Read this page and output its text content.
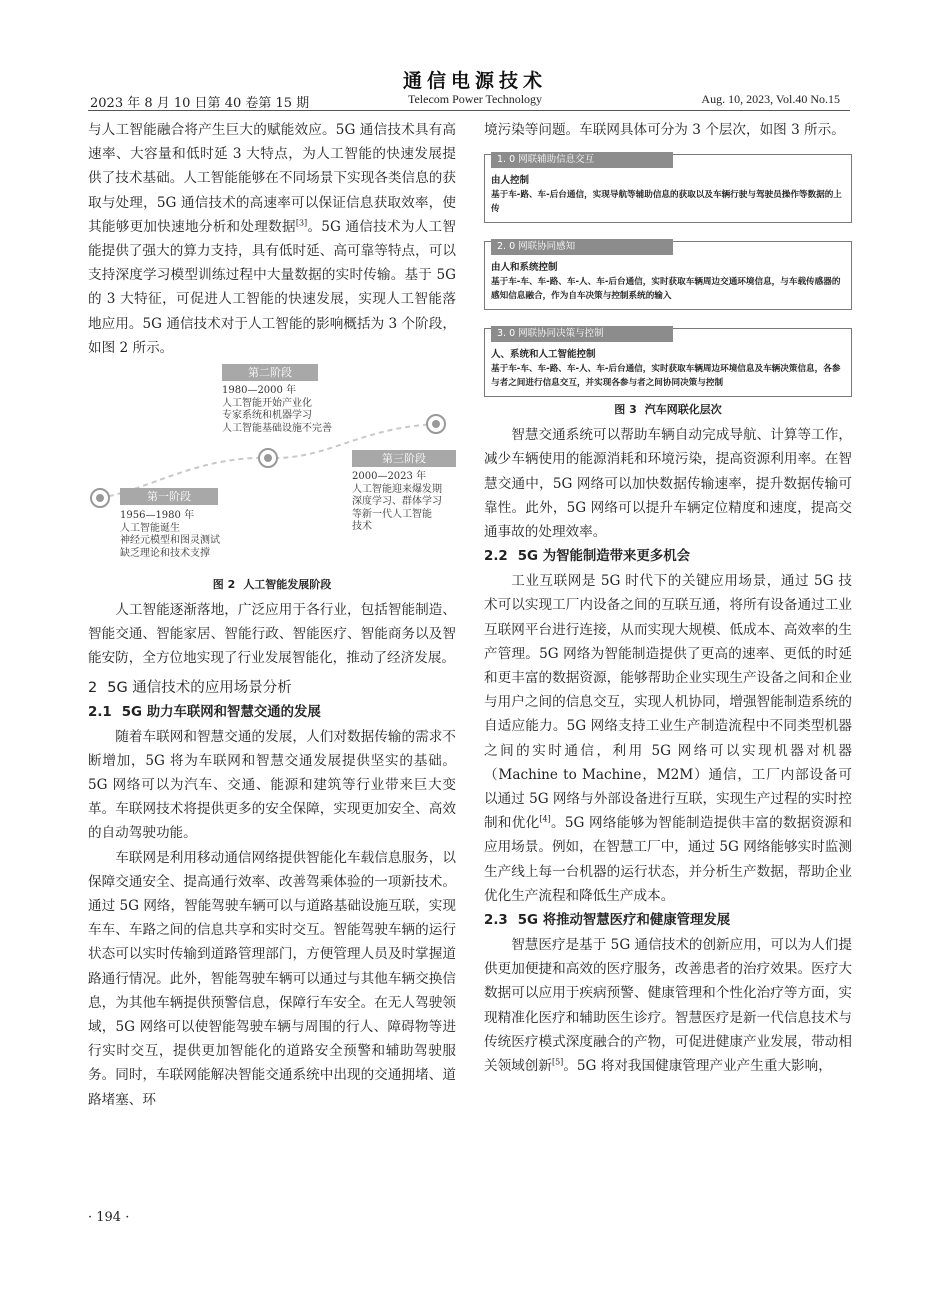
通信电源技术
2023 年 8 月 10 日第 40 卷第 15 期	Telecom Power Technology	Aug. 10, 2023, Vol.40 No.15

与人工智能融合将产生巨大的赋能效应。5G 通信技术具有高速率、大容量和低时延 3 大特点，为人工智能的快速发展提供了技术基础。人工智能能够在不同场景下实现各类信息的获取与处理，5G 通信技术的高速率可以保证信息获取效率，使其能够更加快速地分析和处理数据[3]。5G 通信技术为人工智能提供了强大的算力支持，具有低时延、高可靠等特点，可以支持深度学习模型训练过程中大量数据的实时传输。基于 5G 的 3 大特征，可促进人工智能的快速发展，实现人工智能落地应用。5G 通信技术对于人工智能的影响概括为 3 个阶段，如图 2 所示。

第二阶段
1980—2000 年
人工智能开始产业化
专家系统和机器学习
人工智能基础设施不完善
第三阶段
2000—2023 年
人工智能迎来爆发期
深度学习、群体学习
等新一代人工智能
技术
第一阶段
1956—1980 年
人工智能诞生
神经元模型和图灵测试
缺乏理论和技术支撑
图 2 人工智能发展阶段

人工智能逐渐落地，广泛应用于各行业，包括智能制造、智能交通、智能家居、智能行政、智能医疗、智能商务以及智能安防，全方位地实现了行业发展智能化，推动了经济发展。

2 5G 通信技术的应用场景分析
2.1 5G 助力车联网和智慧交通的发展

随着车联网和智慧交通的发展，人们对数据传输的需求不断增加，5G 将为车联网和智慧交通发展提供坚实的基础。5G 网络可以为汽车、交通、能源和建筑等行业带来巨大变革。车联网技术将提供更多的安全保障，实现更加安全、高效的自动驾驶功能。

车联网是利用移动通信网络提供智能化车载信息服务，以保障交通安全、提高通行效率、改善驾乘体验的一项新技术。通过 5G 网络，智能驾驶车辆可以与道路基础设施互联，实现车车、车路之间的信息共享和实时交互。智能驾驶车辆的运行状态可以实时传输到道路管理部门，方便管理人员及时掌握道路通行情况。此外，智能驾驶车辆可以通过与其他车辆交换信息，为其他车辆提供预警信息，保障行车安全。在无人驾驶领域，5G 网络可以使智能驾驶车辆与周围的行人、障碍物等进行实时交互，提供更加智能化的道路安全预警和辅助驾驶服务。同时，车联网能解决智能交通系统中出现的交通拥堵、道路堵塞、环

境污染等问题。车联网具体可分为 3 个层次，如图 3 所示。

1. 0 网联辅助信息交互
由人控制
基于车-路、车-后台通信，实现导航等辅助信息的获取以及车辆行驶与驾驶员操作等数据的上传
2. 0 网联协同感知
由人和系统控制
基于车-车、车-路、车-人、车-后台通信，实时获取车辆周边交通环境信息，与车载传感器的感知信息融合，作为自车决策与控制系统的输入
3. 0 网联协同决策与控制
人、系统和人工智能控制
基于车-车、车-路、车-人、车-后台通信，实时获取车辆周边环境信息及车辆决策信息，各参与者之间进行信息交互，并实现各参与者之间协同决策与控制
图 3 汽车网联化层次

智慧交通系统可以帮助车辆自动完成导航、计算等工作，减少车辆使用的能源消耗和环境污染，提高资源利用率。在智慧交通中，5G 网络可以加快数据传输速率，提升数据传输可靠性。此外，5G 网络可以提升车辆定位精度和速度，提高交通事故的处理效率。

2.2 5G 为智能制造带来更多机会

工业互联网是 5G 时代下的关键应用场景，通过 5G 技术可以实现工厂内设备之间的互联互通，将所有设备通过工业互联网平台进行连接，从而实现大规模、低成本、高效率的生产管理。5G 网络为智能制造提供了更高的速率、更低的时延和更丰富的数据资源，能够帮助企业实现生产设备之间和企业与用户之间的信息交互，实现人机协同，增强智能制造系统的自适应能力。5G 网络支持工业生产制造流程中不同类型机器之间的实时通信，利用 5G 网络可以实现机器对机器（Machine to Machine，M2M）通信，工厂内部设备可以通过 5G 网络与外部设备进行互联，实现生产过程的实时控制和优化[4]。5G 网络能够为智能制造提供丰富的数据资源和应用场景。例如，在智慧工厂中，通过 5G 网络能够实时监测生产线上每一台机器的运行状态，并分析生产数据，帮助企业优化生产流程和降低生产成本。

2.3 5G 将推动智慧医疗和健康管理发展

智慧医疗是基于 5G 通信技术的创新应用，可以为人们提供更加便捷和高效的医疗服务，改善患者的治疗效果。医疗大数据可以应用于疾病预警、健康管理和个性化治疗等方面，实现精准化医疗和辅助医生诊疗。智慧医疗是新一代信息技术与传统医疗模式深度融合的产物，可促进健康产业发展，带动相关领域创新[5]。5G 将对我国健康管理产业产生重大影响，

· 194 ·
